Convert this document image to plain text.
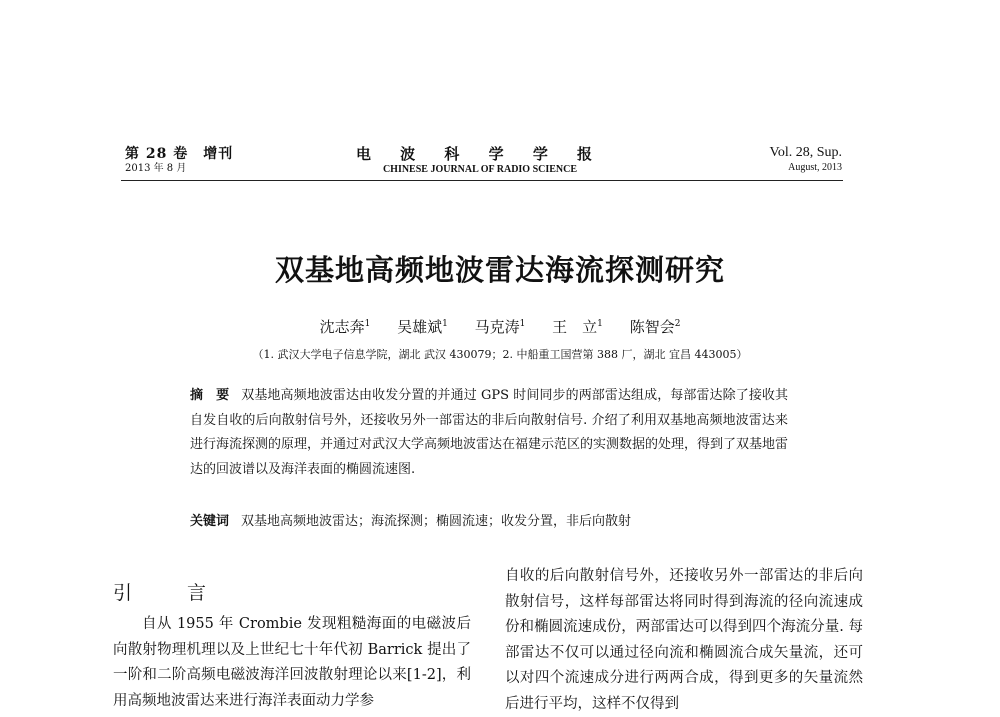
第 28 卷　增刊
2013 年 8 月
电 波 科 学 学 报
CHINESE JOURNAL OF RADIO SCIENCE
Vol. 28, Sup.
August, 2013
双基地高频地波雷达海流探测研究
沈志奔$^1$ 吴雄斌$^1$ 马克涛$^1$ 王　立$^1$ 陈智会$^2$
（1. 武汉大学电子信息学院，湖北 武汉 430079；2. 中船重工国营第 388 厂，湖北 宜昌 443005）
摘　要 双基地高频地波雷达由收发分置的并通过 GPS 时间同步的两部雷达组成，每部雷达除了接收其自发自收的后向散射信号外，还接收另外一部雷达的非后向散射信号. 介绍了利用双基地高频地波雷达来进行海流探测的原理，并通过对武汉大学高频地波雷达在福建示范区的实测数据的处理，得到了双基地雷达的回波谱以及海洋表面的椭圆流速图.
关键词 双基地高频地波雷达；海流探测；椭圆流速；收发分置，非后向散射
引　言

自从 1955 年 Crombie 发现粗糙海面的电磁波后向散射物理机理以及上世纪七十年代初 Barrick 提出了一阶和二阶高频电磁波海洋回波散射理论以来[1-2]，利用高频地波雷达来进行海洋表面动力学参

自收的后向散射信号外，还接收另外一部雷达的非后向散射信号，这样每部雷达将同时得到海流的径向流速成份和椭圆流速成份，两部雷达可以得到四个海流分量. 每部雷达不仅可以通过径向流和椭圆流合成矢量流，还可以对四个流速成分进行两两合成，得到更多的矢量流然后进行平均，这样不仅得到
